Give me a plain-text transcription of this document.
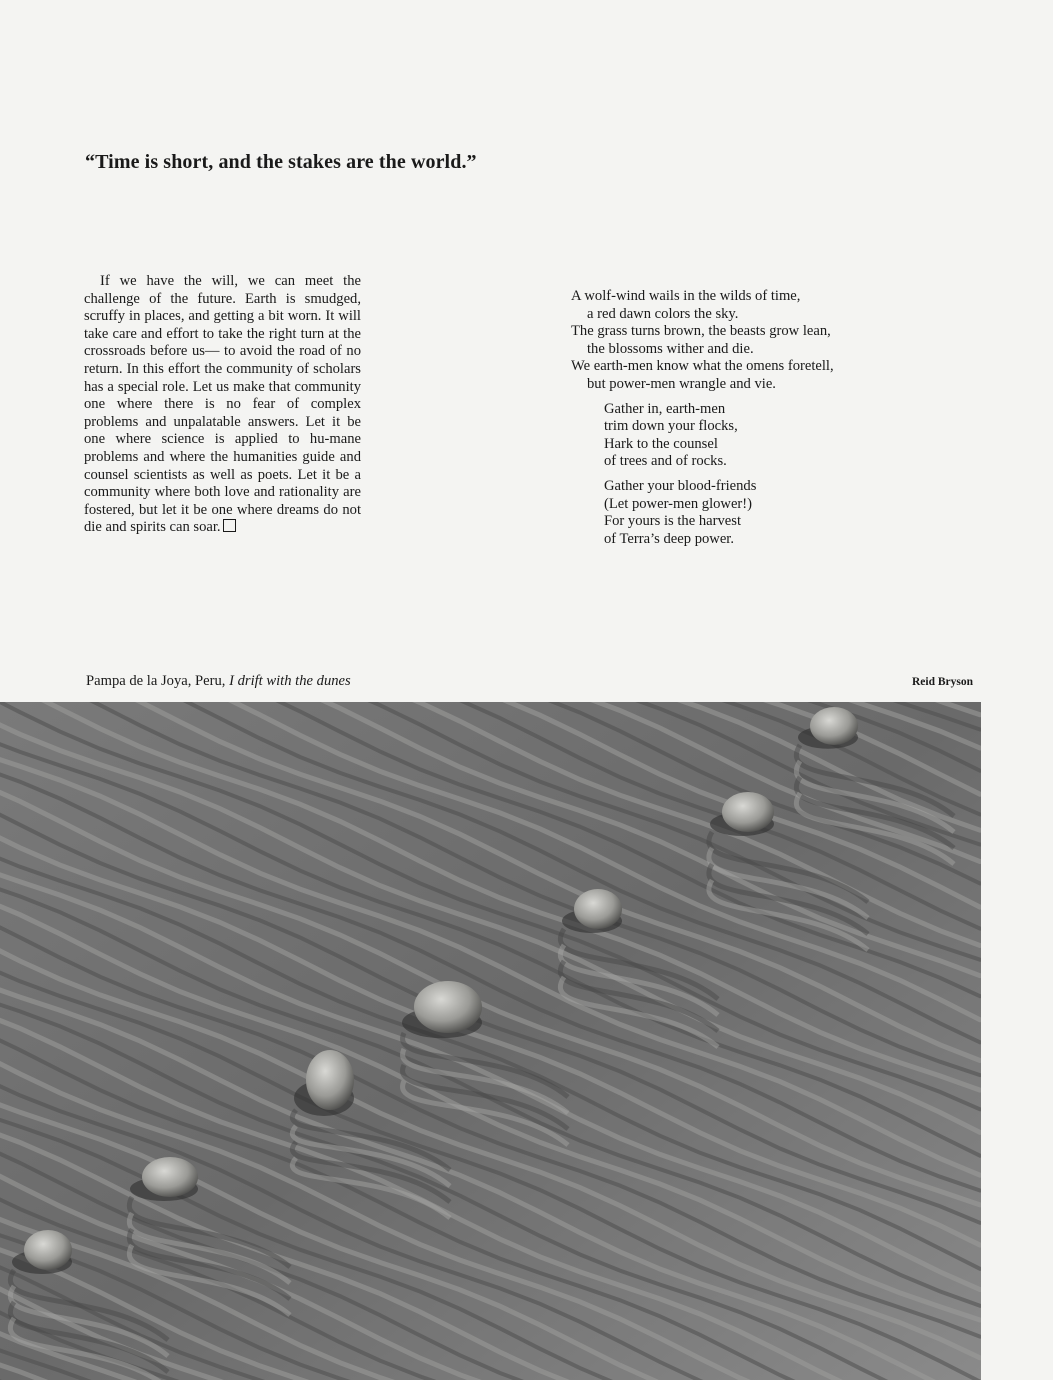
“Time is short, and the stakes are the world.”

If we have the will, we can meet the challenge of the future. Earth is smudged, scruffy in places, and getting a bit worn. It will take care and effort to take the right turn at the crossroads before us— to avoid the road of no return. In this effort the community of scholars has a special role. Let us make that community one where there is no fear of complex problems and unpalatable answers. Let it be one where science is applied to hu-mane problems and where the humanities guide and counsel scientists as well as poets. Let it be a community where both love and rationality are fostered, but let it be one where dreams do not die and spirits can soar.

A wolf-wind wails in the wilds of time,
a red dawn colors the sky.
The grass turns brown, the beasts grow lean,
the blossoms wither and die.
We earth-men know what the omens foretell,
but power-men wrangle and vie.
Gather in, earth-men
trim down your flocks,
Hark to the counsel
of trees and of rocks.
Gather your blood-friends
(Let power-men glower!)
For yours is the harvest
of Terra’s deep power.
Pampa de la Joya, Peru, I drift with the dunes	Reid Bryson
